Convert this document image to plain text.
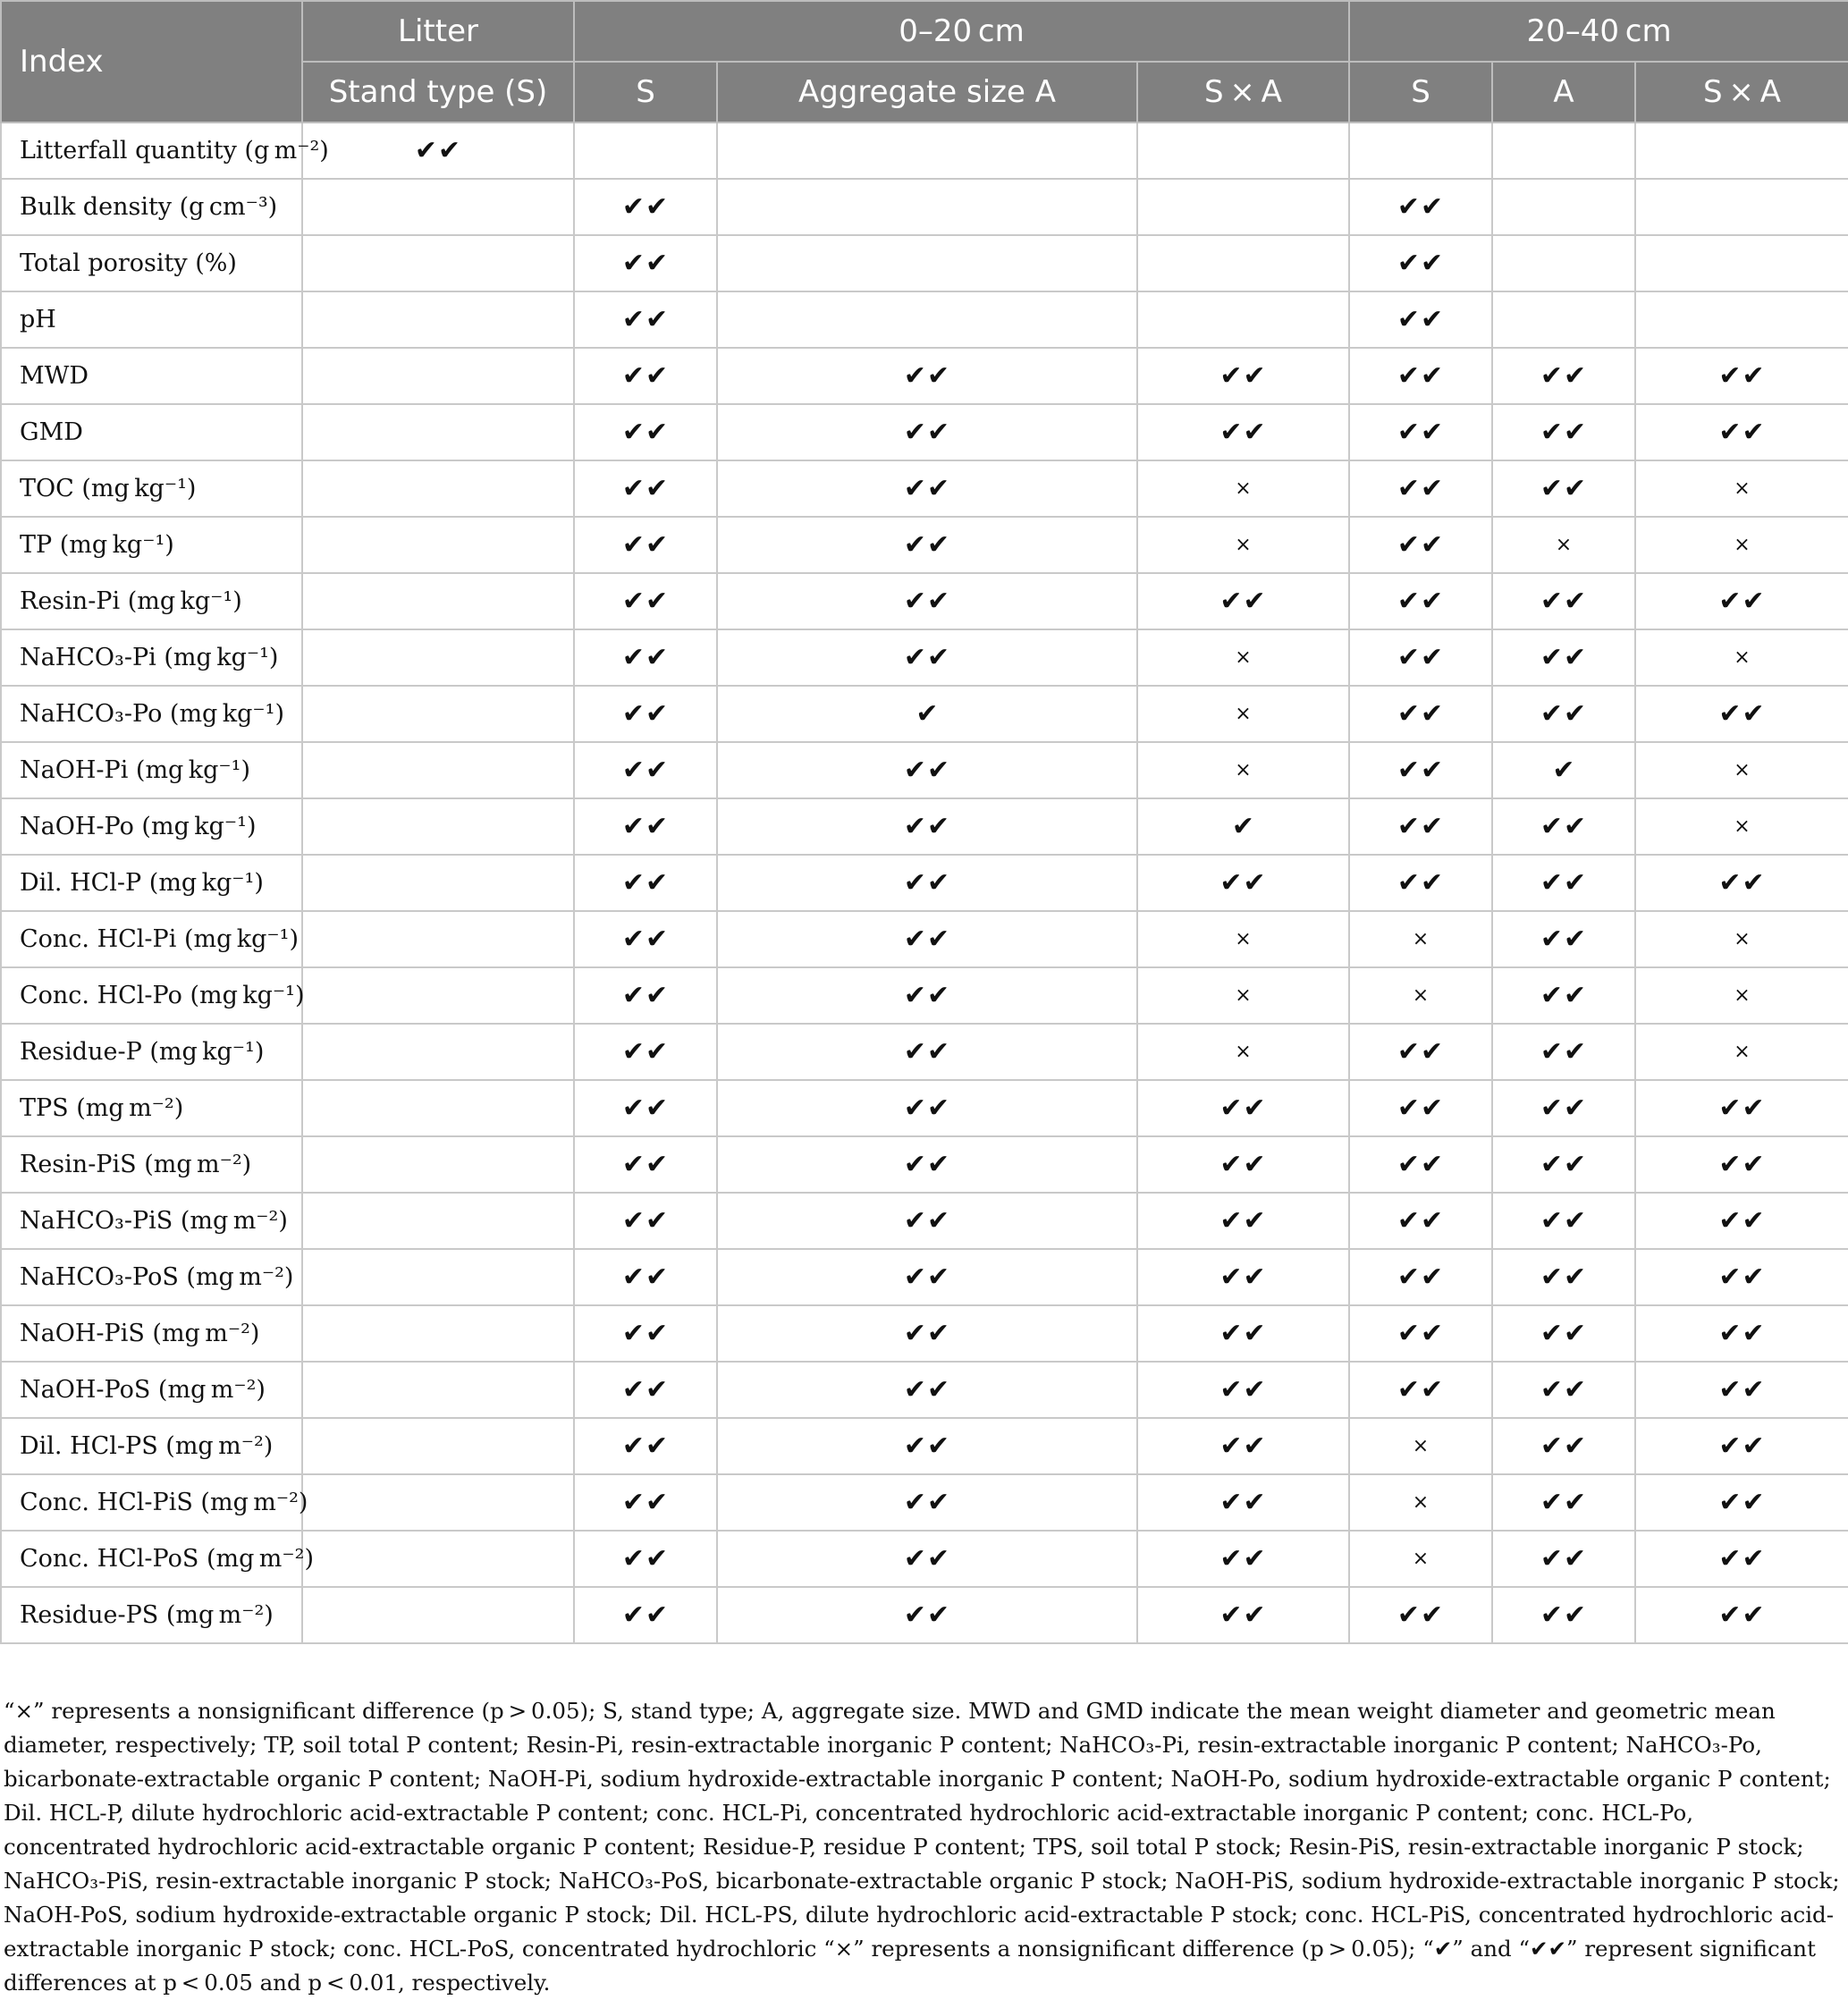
Index	Litter	0–20 cm			20–40 cm		
	Stand type (S)	S	Aggregate size A	S × A	S	A	S × A
Litterfall quantity (g m⁻²)	✔✔						
Bulk density (g cm⁻³)		✔✔			✔✔		
Total porosity (%)		✔✔			✔✔		
pH		✔✔			✔✔		
MWD		✔✔	✔✔	✔✔	✔✔	✔✔	✔✔
GMD		✔✔	✔✔	✔✔	✔✔	✔✔	✔✔
TOC (mg kg⁻¹)		✔✔	✔✔	×	✔✔	✔✔	×
TP (mg kg⁻¹)		✔✔	✔✔	×	✔✔	×	×
Resin-Pi (mg kg⁻¹)		✔✔	✔✔	✔✔	✔✔	✔✔	✔✔
NaHCO₃-Pi (mg kg⁻¹)		✔✔	✔✔	×	✔✔	✔✔	×
NaHCO₃-Po (mg kg⁻¹)		✔✔	✔	×	✔✔	✔✔	✔✔
NaOH-Pi (mg kg⁻¹)		✔✔	✔✔	×	✔✔	✔	×
NaOH-Po (mg kg⁻¹)		✔✔	✔✔	✔	✔✔	✔✔	×
Dil. HCl-P (mg kg⁻¹)		✔✔	✔✔	✔✔	✔✔	✔✔	✔✔
Conc. HCl-Pi (mg kg⁻¹)		✔✔	✔✔	×	×	✔✔	×
Conc. HCl-Po (mg kg⁻¹)		✔✔	✔✔	×	×	✔✔	×
Residue-P (mg kg⁻¹)		✔✔	✔✔	×	✔✔	✔✔	×
TPS (mg m⁻²)		✔✔	✔✔	✔✔	✔✔	✔✔	✔✔
Resin-PiS (mg m⁻²)		✔✔	✔✔	✔✔	✔✔	✔✔	✔✔
NaHCO₃-PiS (mg m⁻²)		✔✔	✔✔	✔✔	✔✔	✔✔	✔✔
NaHCO₃-PoS (mg m⁻²)		✔✔	✔✔	✔✔	✔✔	✔✔	✔✔
NaOH-PiS (mg m⁻²)		✔✔	✔✔	✔✔	✔✔	✔✔	✔✔
NaOH-PoS (mg m⁻²)		✔✔	✔✔	✔✔	✔✔	✔✔	✔✔
Dil. HCl-PS (mg m⁻²)		✔✔	✔✔	✔✔	×	✔✔	✔✔
Conc. HCl-PiS (mg m⁻²)		✔✔	✔✔	✔✔	×	✔✔	✔✔
Conc. HCl-PoS (mg m⁻²)		✔✔	✔✔	✔✔	×	✔✔	✔✔
Residue-PS (mg m⁻²)		✔✔	✔✔	✔✔	✔✔	✔✔	✔✔
“×” represents a nonsignificant difference (p > 0.05); S, stand type; A, aggregate size. MWD and GMD indicate the mean weight diameter and geometric mean diameter, respectively; TP, soil total P content; Resin-Pi, resin-extractable inorganic P content; NaHCO₃-Pi, resin-extractable inorganic P content; NaHCO₃-Po, bicarbonate-extractable organic P content; NaOH-Pi, sodium hydroxide-extractable inorganic P content; NaOH-Po, sodium hydroxide-extractable organic P content; Dil. HCL-P, dilute hydrochloric acid-extractable P content; conc. HCL-Pi, concentrated hydrochloric acid-extractable inorganic P content; conc. HCL-Po, concentrated hydrochloric acid-extractable organic P content; Residue-P, residue P content; TPS, soil total P stock; Resin-PiS, resin-extractable inorganic P stock; NaHCO₃-PiS, resin-extractable inorganic P stock; NaHCO₃-PoS, bicarbonate-extractable organic P stock; NaOH-PiS, sodium hydroxide-extractable inorganic P stock; NaOH-PoS, sodium hydroxide-extractable organic P stock; Dil. HCL-PS, dilute hydrochloric acid-extractable P stock; conc. HCL-PiS, concentrated hydrochloric acid-extractable inorganic P stock; conc. HCL-PoS, concentrated hydrochloric “×” represents a nonsignificant difference (p > 0.05); “✔” and “✔✔” represent significant differences at p < 0.05 and p < 0.01, respectively.
